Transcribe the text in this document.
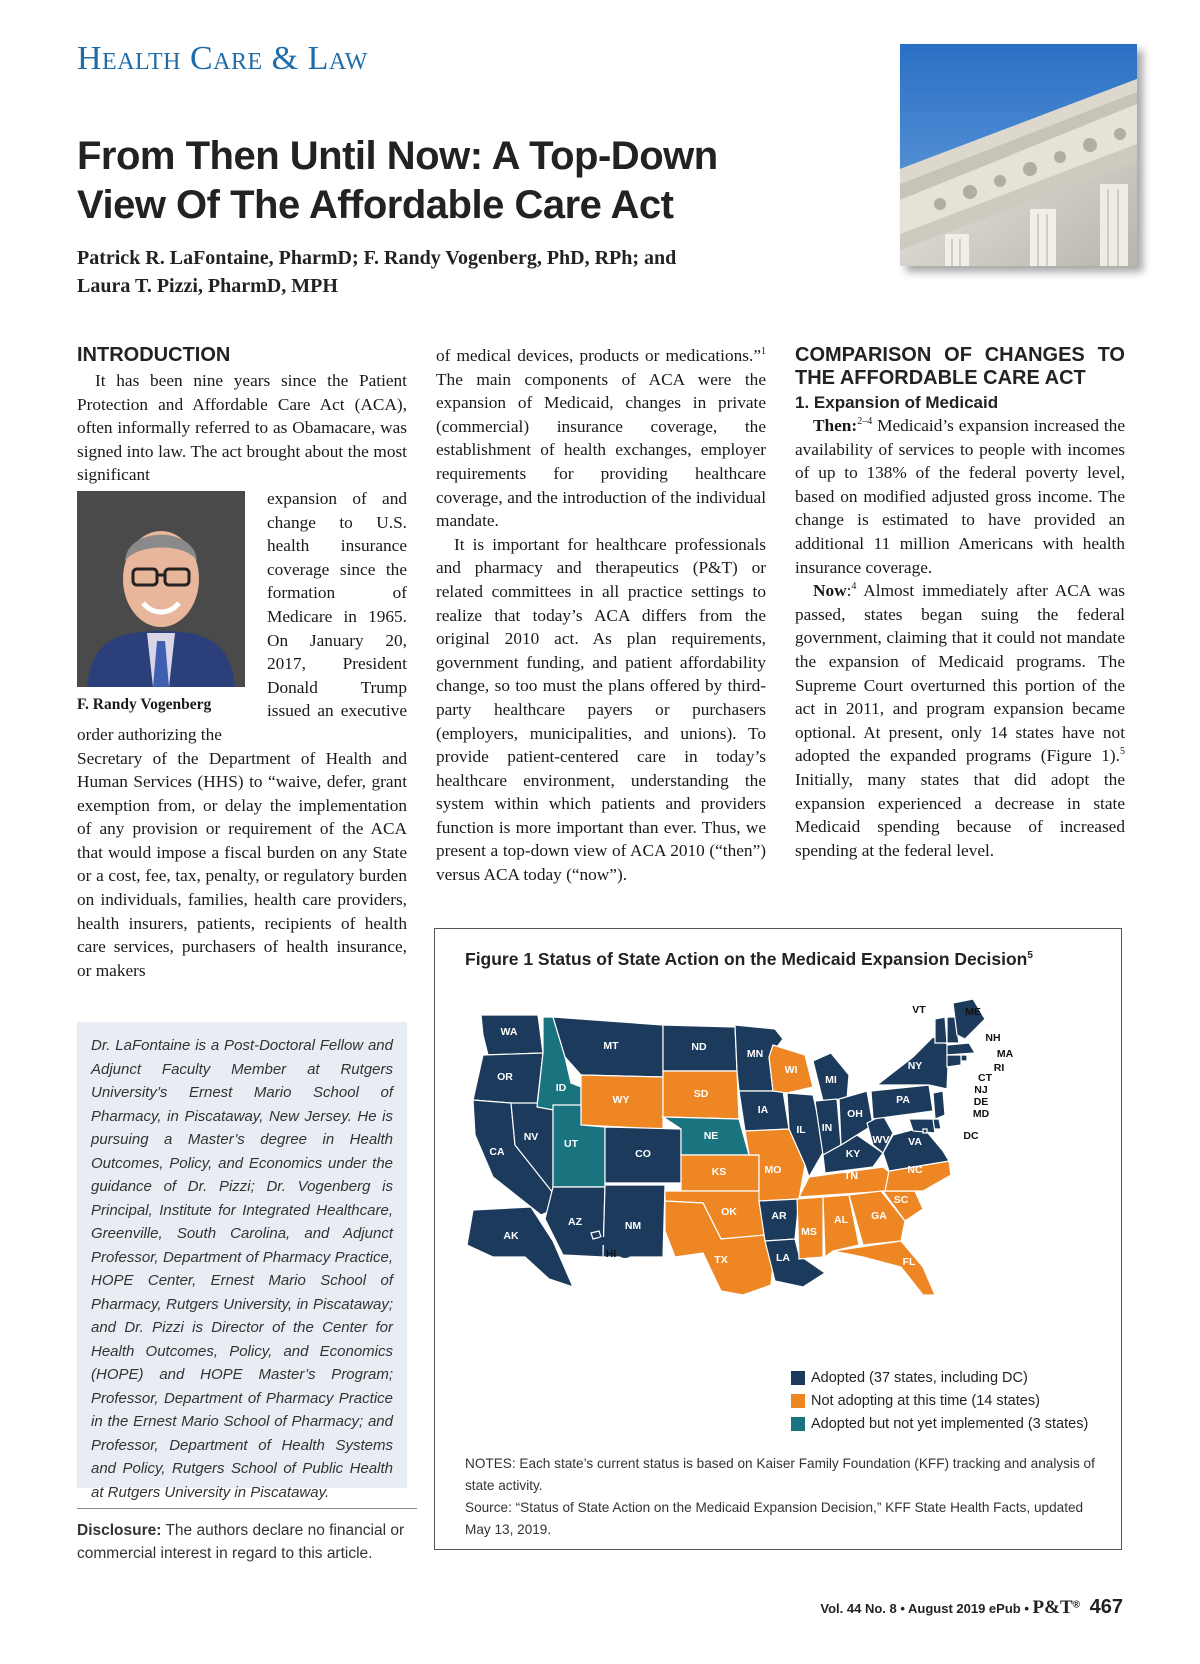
Health Care & Law
From Then Until Now: A Top-Down
View Of The Affordable Care Act
Patrick R. LaFontaine, PharmD; F. Randy Vogenberg, PhD, RPh; and
Laura T. Pizzi, PharmD, MPH
INTRODUCTION
It has been nine years since the Patient Protection and Affordable Care Act (ACA), often informally referred to as Obamacare, was signed into law. The act brought about the most significant
F. Randy Vogenberg
expansion of and change to U.S. health insurance coverage since the formation of Medicare in 1965. On January 20, 2017, President Donald Trump issued an executive order authorizing the
Secretary of the Department of Health and Human Services (HHS) to “waive, defer, grant exemption from, or delay the implementation of any provision or requirement of the ACA that would impose a fiscal burden on any State or a cost, fee, tax, penalty, or regulatory burden on individuals, families, health care providers, health insurers, patients, recipients of health care services, purchasers of health insurance, or makers
of medical devices, products or medications.”$^1$ The main components of ACA were the expansion of Medicaid, changes in private (commercial) insurance coverage, the establishment of health exchanges, employer requirements for providing healthcare coverage, and the introduction of the individual mandate.
It is important for healthcare professionals and pharmacy and therapeutics (P&T) or related committees in all practice settings to realize that today’s ACA differs from the original 2010 act. As plan requirements, government funding, and patient affordability change, so too must the plans offered by third-party healthcare payers or purchasers (employers, municipalities, and unions). To provide patient-centered care in today’s healthcare environment, understanding the system within which patients and providers function is more important than ever. Thus, we present a top-down view of ACA 2010 (“then”) versus ACA today (“now”).
COMPARISON OF CHANGES TO THE AFFORDABLE CARE ACT
1. Expansion of Medicaid
Then:$^{2-4}$ Medicaid’s expansion increased the availability of services to people with incomes of up to 138% of the federal poverty level, based on modified adjusted gross income. The change is estimated to have provided an additional 11 million Americans with health insurance coverage.
Now:$^4$ Almost immediately after ACA was passed, states began suing the federal government, claiming that it could not mandate the expansion of Medicaid programs. The Supreme Court overturned this portion of the act in 2011, and program expansion became optional. At present, only 14 states have not adopted the expanded programs (Figure 1).$^5$ Initially, many states that did adopt the expansion experienced a decrease in state Medicaid spending because of increased spending at the federal level.
Dr. LaFontaine is a Post-Doctoral Fellow and Adjunct Faculty Member at Rutgers University’s Ernest Mario School of Pharmacy, in Piscataway, New Jersey. He is pursuing a Master’s degree in Health Outcomes, Policy, and Economics under the guidance of Dr. Pizzi; Dr. Vogenberg is Principal, Institute for Integrated Healthcare, Greenville, South Carolina, and Adjunct Professor, Department of Pharmacy Practice, HOPE Center, Ernest Mario School of Pharmacy, Rutgers University, in Piscataway; and Dr. Pizzi is Director of the Center for Health Outcomes, Policy, and Economics (HOPE) and HOPE Master’s Program; Professor, Department of Pharmacy Practice in the Ernest Mario School of Pharmacy; and Professor, Department of Health Systems and Policy, Rutgers School of Public Health at Rutgers University in Piscataway.
Disclosure: The authors declare no financial or commercial interest in regard to this article.
Figure 1 Status of State Action on the Medicaid Expansion Decision$^5$
WA
OR
CA
NV
ID
MT
WY
UT
CO
AZ	NM
ND
SD
NE
KS
OK
TX
MN
IA
MO
AR
LA
WI
IL
MS
MI
IN
KY
TN
AL
OH
WV
GA
FL
PA
VA
NC
SC
NY
VT	ME
NH
MA
RI
CT
NJ
DE
MD
DC
AK
HI
Adopted (37 states, including DC)
Not adopting at this time (14 states)
Adopted but not yet implemented (3 states)
NOTES: Each state’s current status is based on Kaiser Family Foundation (KFF) tracking and analysis of state activity.
Source: “Status of State Action on the Medicaid Expansion Decision,” KFF State Health Facts, updated May 13, 2019.
Vol. 44 No. 8 • August 2019 ePub • P&T® 467
